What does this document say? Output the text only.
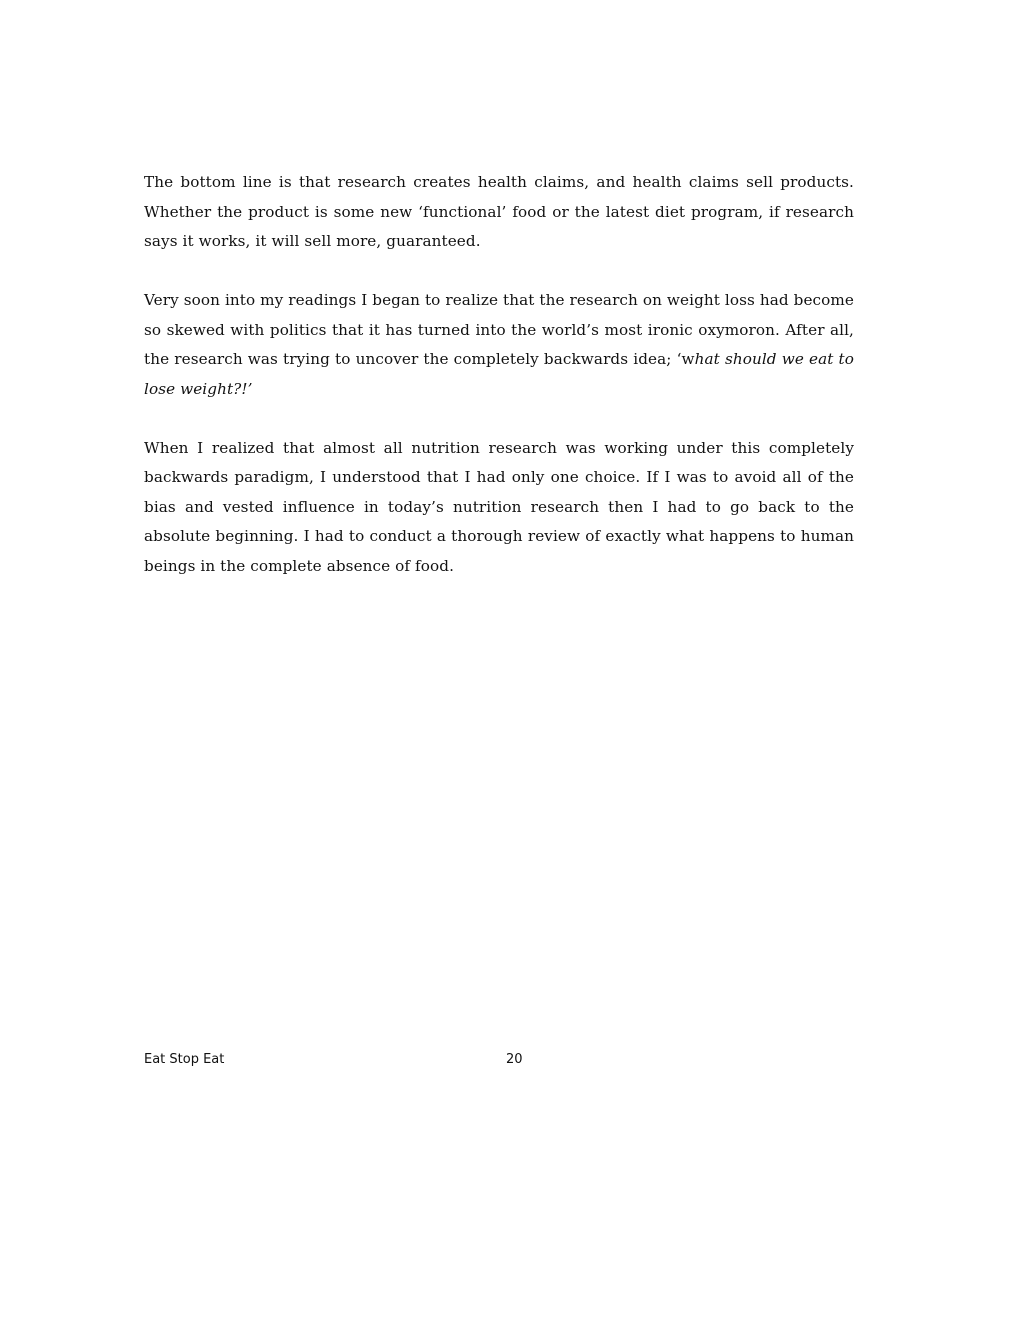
The bottom line is that research creates health claims, and health claims sell products. Whether the product is some new ‘functional’ food or the latest diet program, if research says it works, it will sell more, guaranteed.

Very soon into my readings I began to realize that the research on weight loss had become so skewed with politics that it has turned into the world’s most ironic oxymoron. After all, the research was trying to uncover the completely backwards idea; ‘what should we eat to lose weight?!’

When I realized that almost all nutrition research was working under this completely backwards paradigm, I understood that I had only one choice. If I was to avoid all of the bias and vested influence in today’s nutrition research then I had to go back to the absolute beginning. I had to conduct a thorough review of exactly what happens to human beings in the complete absence of food.

Eat Stop Eat	20
